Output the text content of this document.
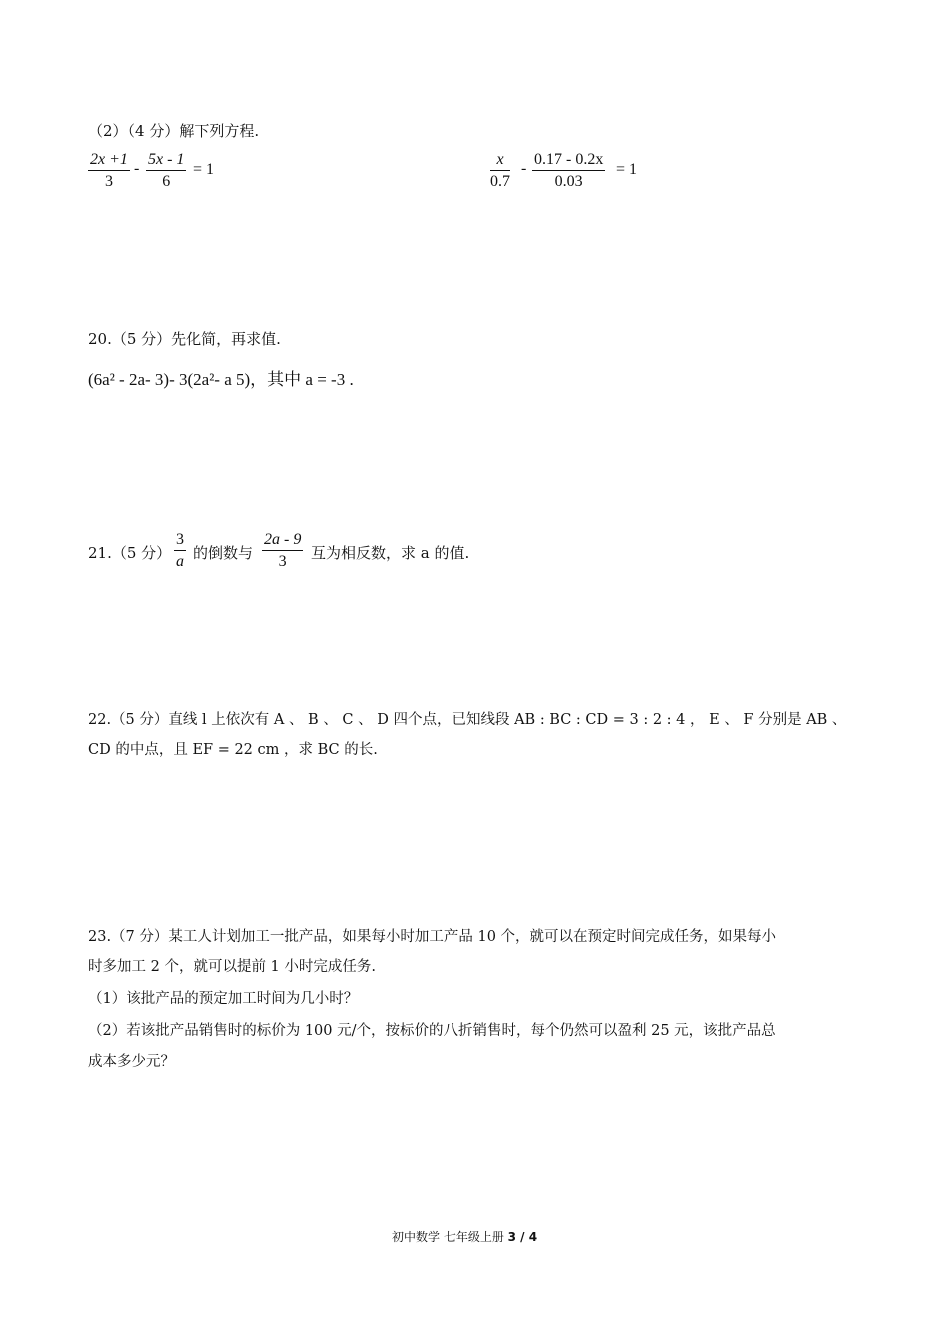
（2）（4 分）解下列方程.
$\frac{2x +1}{3} - \frac{5x - 1}{6} = 1$	$\frac{x}{0.7} - \frac{0.17 - 0.2x}{0.03} = 1$
20.（5 分）先化简，再求值.
(6a² - 2a- 3)- 3(2a²- a 5)，其中 a = -3 .
21.（5 分） $\frac{3}{a}$ 的倒数与 $\frac{2a - 9}{3}$ 互为相反数，求 a 的值.
22.（5 分）直线 l 上依次有 A 、 B 、 C 、 D 四个点，已知线段 AB : BC : CD = 3 : 2 : 4 ， E 、 F 分别是 AB 、
CD 的中点，且 EF = 22 cm ，求 BC 的长.
23.（7 分）某工人计划加工一批产品，如果每小时加工产品 10 个，就可以在预定时间完成任务，如果每小
时多加工 2 个，就可以提前 1 小时完成任务.
（1）该批产品的预定加工时间为几小时？
（2）若该批产品销售时的标价为 100 元/个，按标价的八折销售时，每个仍然可以盈利 25 元，该批产品总
成本多少元？
初中数学 七年级上册 3 / 4
